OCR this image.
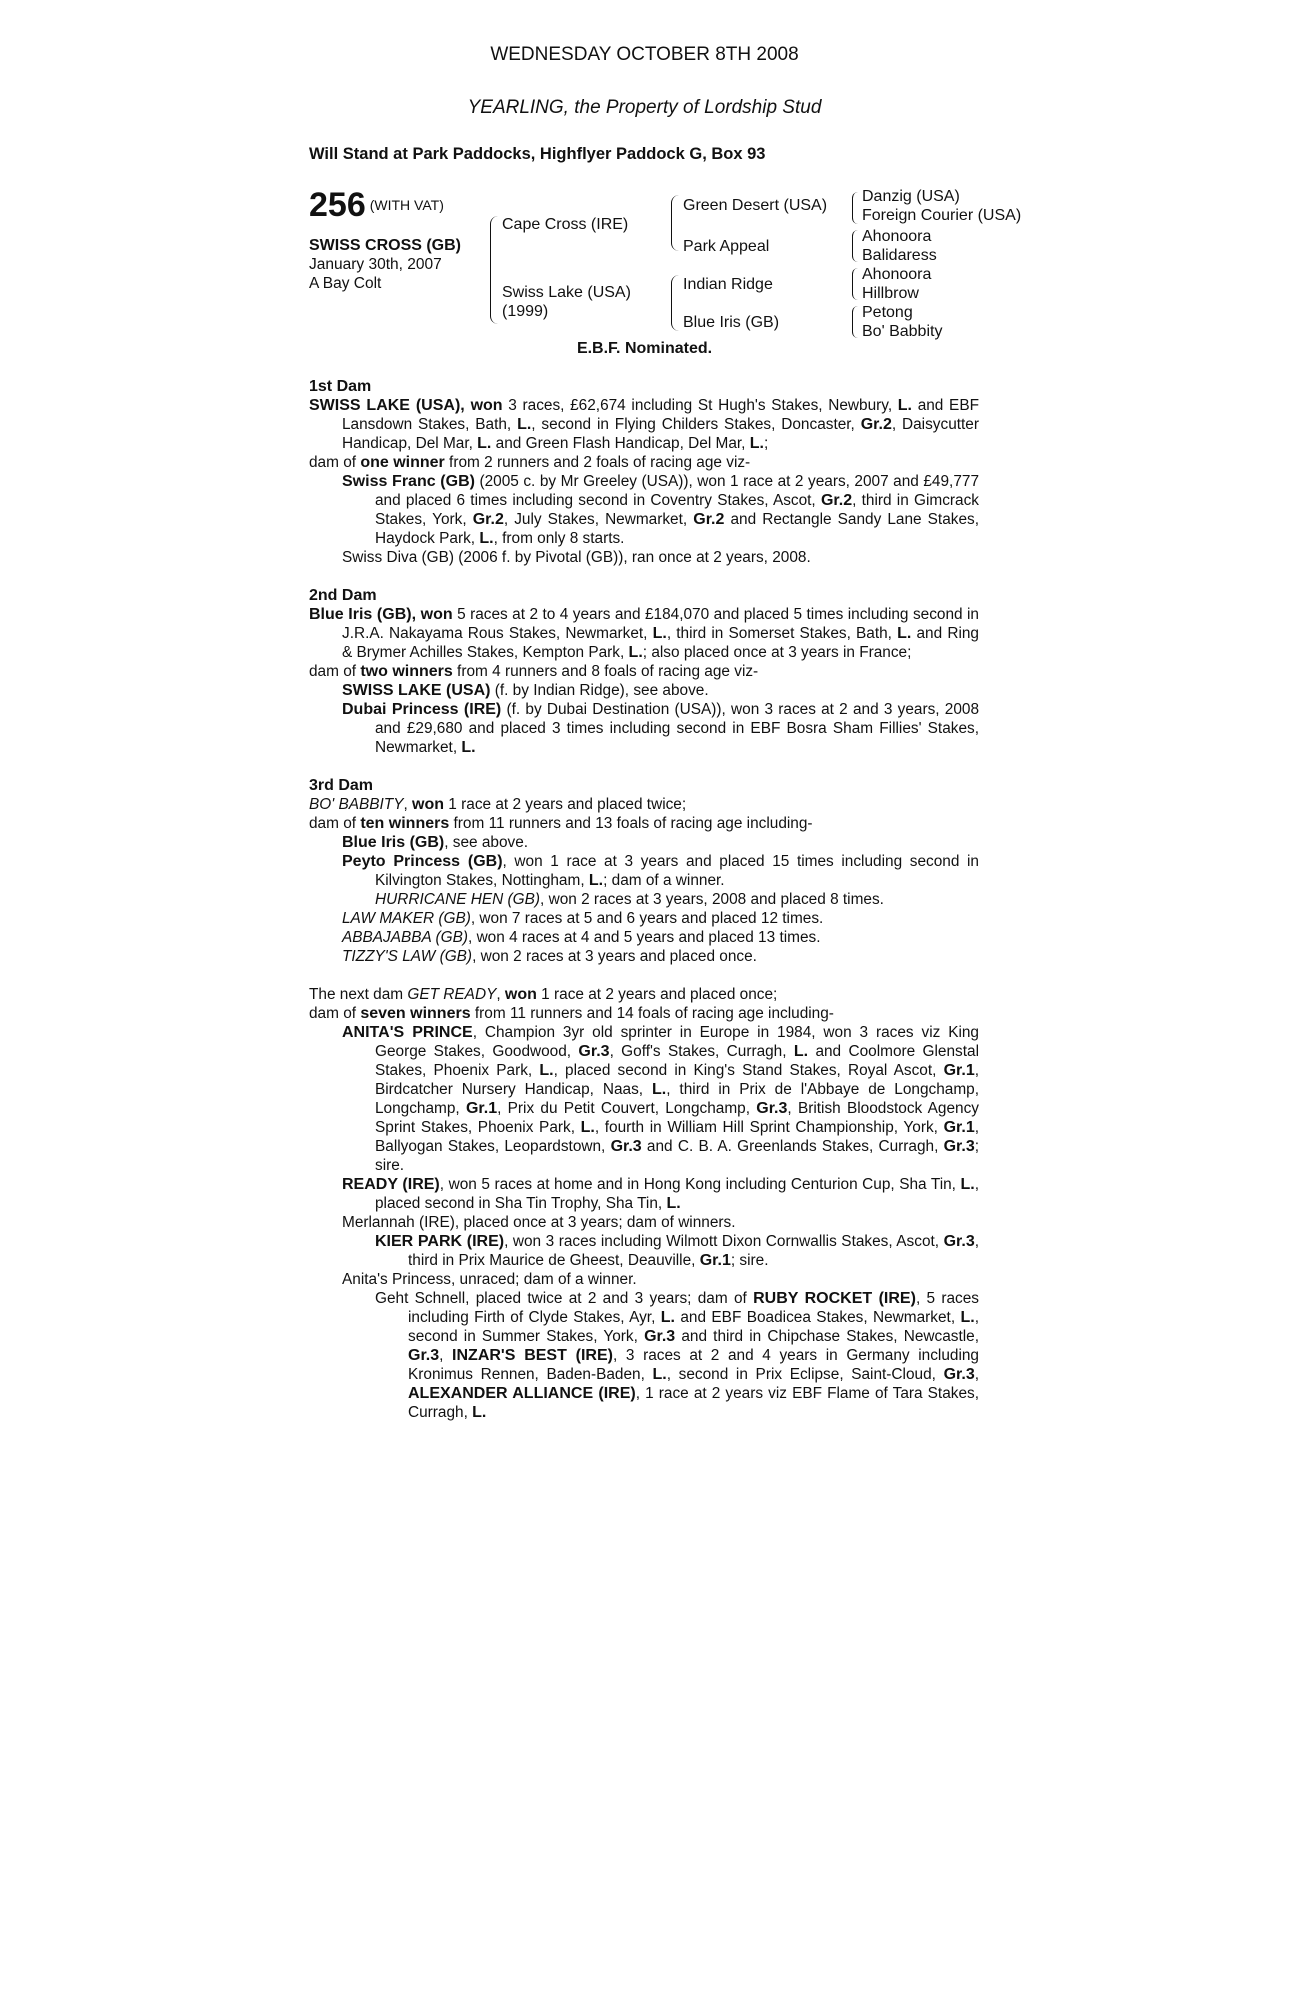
WEDNESDAY OCTOBER 8TH 2008
YEARLING, the Property of Lordship Stud
Will Stand at Park Paddocks, Highflyer Paddock G, Box 93
256 (WITH VAT)
SWISS CROSS (GB)
January 30th, 2007
A Bay Colt
Cape Cross (IRE)
Swiss Lake (USA)
(1999)
Green Desert (USA)
Park Appeal
Indian Ridge
Blue Iris (GB)
Danzig (USA)
Foreign Courier (USA)
Ahonoora
Balidaress
Ahonoora
Hillbrow
Petong
Bo' Babbity
E.B.F. Nominated.
1st Dam
SWISS LAKE (USA), won 3 races, £62,674 including St Hugh's Stakes, Newbury, L. and EBF Lansdown Stakes, Bath, L., second in Flying Childers Stakes, Doncaster, Gr.2, Daisycutter Handicap, Del Mar, L. and Green Flash Handicap, Del Mar, L.;
dam of one winner from 2 runners and 2 foals of racing age viz-
Swiss Franc (GB) (2005 c. by Mr Greeley (USA)), won 1 race at 2 years, 2007 and £49,777 and placed 6 times including second in Coventry Stakes, Ascot, Gr.2, third in Gimcrack Stakes, York, Gr.2, July Stakes, Newmarket, Gr.2 and Rectangle Sandy Lane Stakes, Haydock Park, L., from only 8 starts.
Swiss Diva (GB) (2006 f. by Pivotal (GB)), ran once at 2 years, 2008.
2nd Dam
Blue Iris (GB), won 5 races at 2 to 4 years and £184,070 and placed 5 times including second in J.R.A. Nakayama Rous Stakes, Newmarket, L., third in Somerset Stakes, Bath, L. and Ring & Brymer Achilles Stakes, Kempton Park, L.; also placed once at 3 years in France;
dam of two winners from 4 runners and 8 foals of racing age viz-
SWISS LAKE (USA) (f. by Indian Ridge), see above.
Dubai Princess (IRE) (f. by Dubai Destination (USA)), won 3 races at 2 and 3 years, 2008 and £29,680 and placed 3 times including second in EBF Bosra Sham Fillies' Stakes, Newmarket, L.
3rd Dam
BO' BABBITY, won 1 race at 2 years and placed twice;
dam of ten winners from 11 runners and 13 foals of racing age including-
Blue Iris (GB), see above.
Peyto Princess (GB), won 1 race at 3 years and placed 15 times including second in Kilvington Stakes, Nottingham, L.; dam of a winner.
HURRICANE HEN (GB), won 2 races at 3 years, 2008 and placed 8 times.
LAW MAKER (GB), won 7 races at 5 and 6 years and placed 12 times.
ABBAJABBA (GB), won 4 races at 4 and 5 years and placed 13 times.
TIZZY'S LAW (GB), won 2 races at 3 years and placed once.
The next dam GET READY, won 1 race at 2 years and placed once;
dam of seven winners from 11 runners and 14 foals of racing age including-
ANITA'S PRINCE, Champion 3yr old sprinter in Europe in 1984, won 3 races viz King George Stakes, Goodwood, Gr.3, Goff's Stakes, Curragh, L. and Coolmore Glenstal Stakes, Phoenix Park, L., placed second in King's Stand Stakes, Royal Ascot, Gr.1, Birdcatcher Nursery Handicap, Naas, L., third in Prix de l'Abbaye de Longchamp, Longchamp, Gr.1, Prix du Petit Couvert, Longchamp, Gr.3, British Bloodstock Agency Sprint Stakes, Phoenix Park, L., fourth in William Hill Sprint Championship, York, Gr.1, Ballyogan Stakes, Leopardstown, Gr.3 and C. B. A. Greenlands Stakes, Curragh, Gr.3; sire.
READY (IRE), won 5 races at home and in Hong Kong including Centurion Cup, Sha Tin, L., placed second in Sha Tin Trophy, Sha Tin, L.
Merlannah (IRE), placed once at 3 years; dam of winners.
KIER PARK (IRE), won 3 races including Wilmott Dixon Cornwallis Stakes, Ascot, Gr.3, third in Prix Maurice de Gheest, Deauville, Gr.1; sire.
Anita's Princess, unraced; dam of a winner.
Geht Schnell, placed twice at 2 and 3 years; dam of RUBY ROCKET (IRE), 5 races including Firth of Clyde Stakes, Ayr, L. and EBF Boadicea Stakes, Newmarket, L., second in Summer Stakes, York, Gr.3 and third in Chipchase Stakes, Newcastle, Gr.3, INZAR'S BEST (IRE), 3 races at 2 and 4 years in Germany including Kronimus Rennen, Baden-Baden, L., second in Prix Eclipse, Saint-Cloud, Gr.3, ALEXANDER ALLIANCE (IRE), 1 race at 2 years viz EBF Flame of Tara Stakes, Curragh, L.
